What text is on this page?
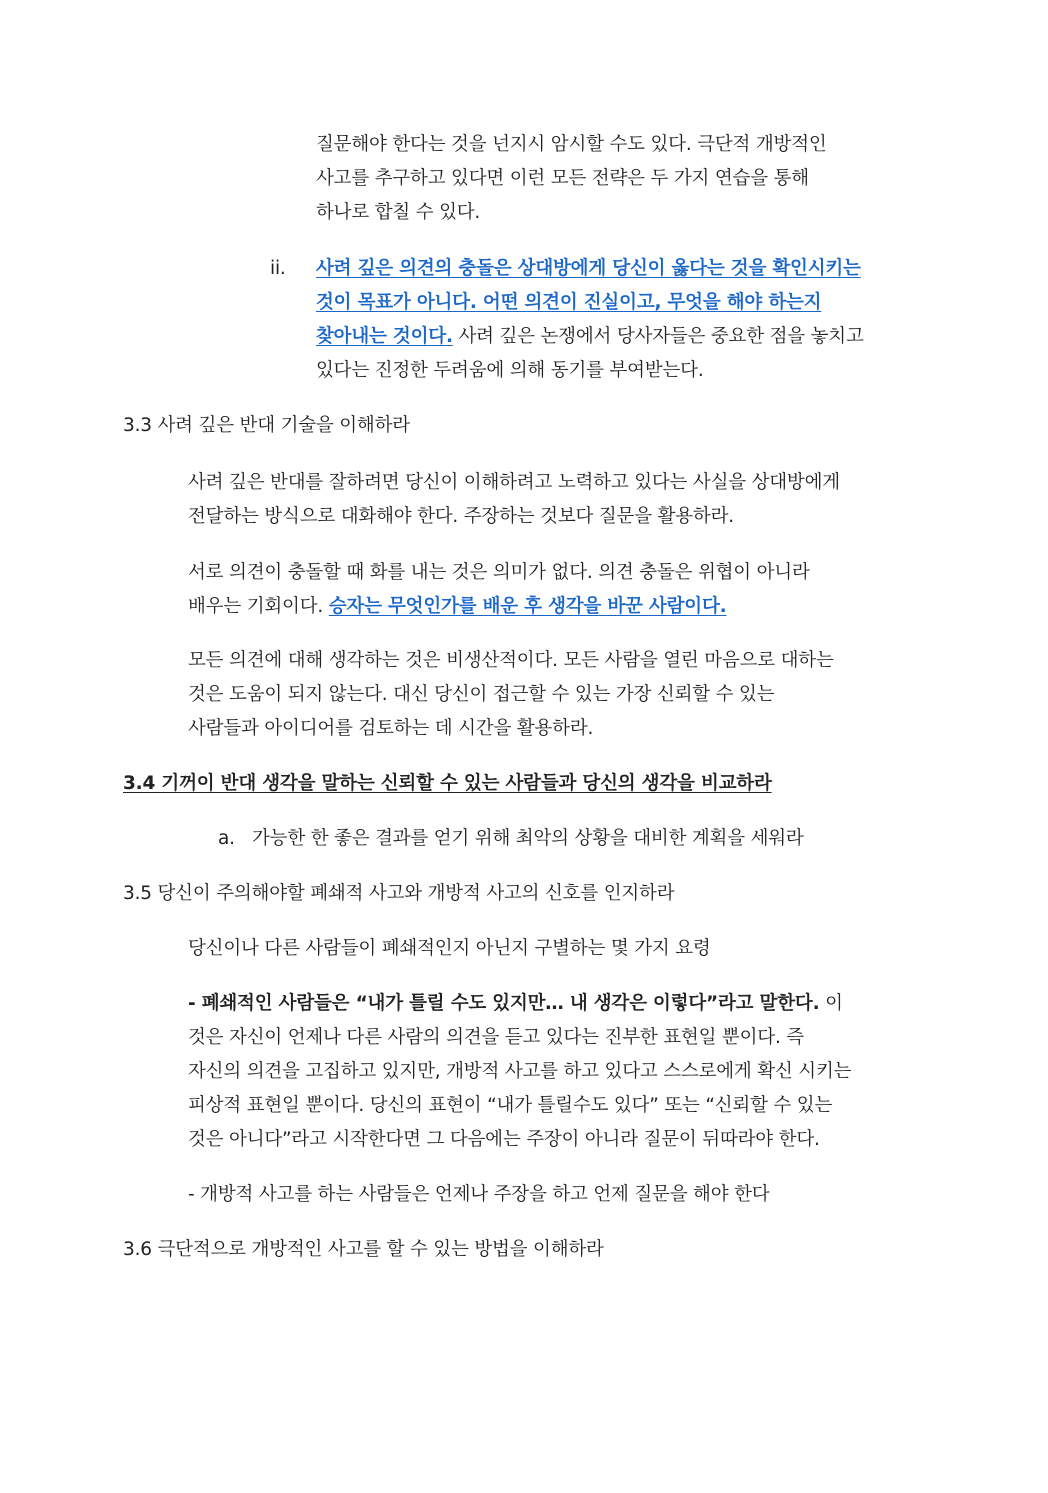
질문해야 한다는 것을 넌지시 암시할 수도 있다. 극단적 개방적인
사고를 추구하고 있다면 이런 모든 전략은 두 가지 연습을 통해
하나로 합칠 수 있다.
ii. 사려 깊은 의견의 충돌은 상대방에게 당신이 옳다는 것을 확인시키는
것이 목표가 아니다. 어떤 의견이 진실이고, 무엇을 해야 하는지
찾아내는 것이다. 사려 깊은 논쟁에서 당사자들은 중요한 점을 놓치고
있다는 진정한 두려움에 의해 동기를 부여받는다.
3.3 사려 깊은 반대 기술을 이해하라
사려 깊은 반대를 잘하려면 당신이 이해하려고 노력하고 있다는 사실을 상대방에게
전달하는 방식으로 대화해야 한다. 주장하는 것보다 질문을 활용하라.
서로 의견이 충돌할 때 화를 내는 것은 의미가 없다. 의견 충돌은 위협이 아니라
배우는 기회이다. 승자는 무엇인가를 배운 후 생각을 바꾼 사람이다.
모든 의견에 대해 생각하는 것은 비생산적이다. 모든 사람을 열린 마음으로 대하는
것은 도움이 되지 않는다. 대신 당신이 접근할 수 있는 가장 신뢰할 수 있는
사람들과 아이디어를 검토하는 데 시간을 활용하라.
3.4 기꺼이 반대 생각을 말하는 신뢰할 수 있는 사람들과 당신의 생각을 비교하라
a. 가능한 한 좋은 결과를 얻기 위해 최악의 상황을 대비한 계획을 세워라
3.5 당신이 주의해야할 폐쇄적 사고와 개방적 사고의 신호를 인지하라
당신이나 다른 사람들이 폐쇄적인지 아닌지 구별하는 몇 가지 요령
- 폐쇄적인 사람들은 “내가 틀릴 수도 있지만… 내 생각은 이렇다”라고 말한다. 이
것은 자신이 언제나 다른 사람의 의견을 듣고 있다는 진부한 표현일 뿐이다. 즉
자신의 의견을 고집하고 있지만, 개방적 사고를 하고 있다고 스스로에게 확신 시키는
피상적 표현일 뿐이다. 당신의 표현이 “내가 틀릴수도 있다” 또는 “신뢰할 수 있는
것은 아니다”라고 시작한다면 그 다음에는 주장이 아니라 질문이 뒤따라야 한다.
- 개방적 사고를 하는 사람들은 언제나 주장을 하고 언제 질문을 해야 한다
3.6 극단적으로 개방적인 사고를 할 수 있는 방법을 이해하라
